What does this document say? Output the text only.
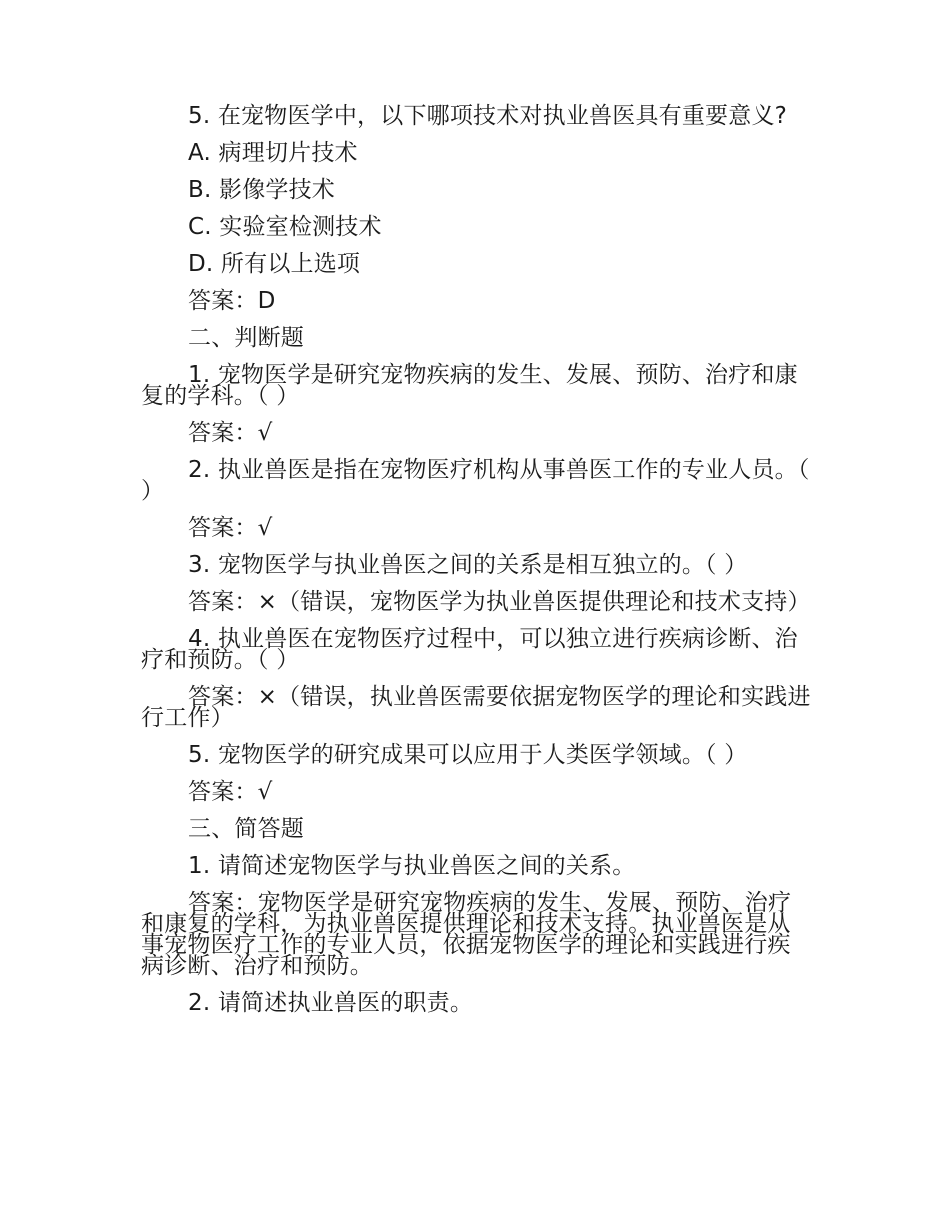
5. 在宠物医学中，以下哪项技术对执业兽医具有重要意义?

A. 病理切片技术

B. 影像学技术

C. 实验室检测技术

D. 所有以上选项

答案：D

二、判断题

1. 宠物医学是研究宠物疾病的发生、发展、预防、治疗和康复的学科。（ ）

答案：√

2. 执业兽医是指在宠物医疗机构从事兽医工作的专业人员。（ ）

答案：√

3. 宠物医学与执业兽医之间的关系是相互独立的。（ ）

答案：×（错误，宠物医学为执业兽医提供理论和技术支持）

4. 执业兽医在宠物医疗过程中，可以独立进行疾病诊断、治疗和预防。（ ）

答案：×（错误，执业兽医需要依据宠物医学的理论和实践进行工作）

5. 宠物医学的研究成果可以应用于人类医学领域。（ ）

答案：√

三、简答题

1. 请简述宠物医学与执业兽医之间的关系。

答案：宠物医学是研究宠物疾病的发生、发展、预防、治疗和康复的学科，为执业兽医提供理论和技术支持。执业兽医是从事宠物医疗工作的专业人员，依据宠物医学的理论和实践进行疾病诊断、治疗和预防。

2. 请简述执业兽医的职责。
